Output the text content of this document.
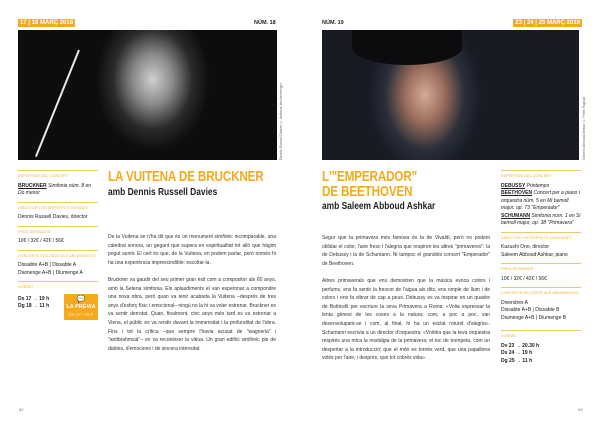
17 | 18 MARÇ 2018	NÚM. 18
Dennis Russell Davies © Andreas Hechenberger
REPERTORI DEL CONCERT
BRUCKNER Simfonia núm. 8 en Do menor
DIRECTOR I INTÈRPRETS CONVIDATS
Dennis Russell Davies, director
PREU ENTRADES
10€ / 32€ / 42€ / 56€
CONCERTS INCLOSOS ALS ABONAMENTS
Dissabte A+B | Dissabte A
Diumenge A+B | Diumenge A
HORARI
Ds 17 → 19 h
Dg 18 → 11 h
💬
LA PRÈVIA
DS 17 / 18 h
LA VUITENA DE BRUCKNER
amb Dennis Russell Davies

De la Vuitena se n'ha dit que és un monument simfònic incomparable, una catedral sonora, un gegant que supera en espiritualitat tot allò que hàgim pogut sentir. El cert és que, de la Vuitena, en podem parlar, però només hi ha una experiència imprescindible: escoltar-la.

Bruckner va gaudir del seu primer gran èxit com a compositor als 60 anys, amb la Setena simfonia. Els aplaudiments el van esperonar a compondre una nova obra, però quan va tenir acabada la Vuitena –després de tres anys d'esforç físic i emocional– ningú no la hi va voler estrenar. Bruckner es va sentir derrotat. Quan, finalment, cinc anys més tard es va estrenar a Viena, el públic es va rendir davant la immensitat i la profunditat de l'obra. Fins i tot la crítica –que sempre l'havia acusat de "wagnerià" i "antibrahmsià"– en va reconèixer la vàlua. Un gran edifici simfònic ple de dubtes, d'emocions i de sincera intensitat.

62
NÚM. 19	23 | 24 | 25 MARÇ 2018
Saleem Abboud Ashkar © Peter Rigaud
L'"EMPERADOR"
DE BEETHOVEN
amb Saleem Abboud Ashkar

Segur que la primavera més famosa és la de Vivaldi, però no podem oblidar el color, l'aire fresc i l'alegria que respiren les altres "primaveres": la de Debussy i la de Schumann. Ni tampoc el grandiós concert "Emperador" de Beethoven.

Altres primaverals que ens demostren que la música evoca colors i perfums, ens fa sentir la frescor de l'aigua als dits, ens omple de llum i de colors i ens fa vibrar de cap a peus. Debussy es va inspirar en un quadre de Botticelli per escriure la seva Primavera a Roma: «Volia expressar la lenta gènesi de les coses a la natura; com, a poc a poc, van desenvolupant-se i com, al final, hi ha un esclat rotund d'alegria». Schumann escrivia a un director d'orquestra: «Voldria que la teva orquestra respirés una mica la nostàlgia de la primavera; el toc de trompeta, com un despertar a la introducció; que el món es tornés verd, que una papallona volés per l'aire; i després, que tot cobrés vida».

REPERTORI DEL CONCERT
DEBUSSY Printemps
BEETHOVEN Concert per a piano i orquestra núm. 5 en Mi bemoll major, op. 73 "Emperador"
SCHUMANN Simfonia núm. 1 en Si bemoll major, op. 38 "Primavera"
DIRECTOR I INTÈRPRETS CONVIDATS
Kazushi Ono, director
Saleem Abboud Ashkar, piano
PREU ENTRADES
10€ / 32€ / 42€ / 56€
CONCERTS INCLOSOS ALS ABONAMENTS
Divendres A
Dissabte A+B | Dissabte B
Diumenge A+B | Diumenge B
HORARI
Dv 23 → 20.30 h
Ds 24 → 19 h
Dg 25 → 11 h
63
